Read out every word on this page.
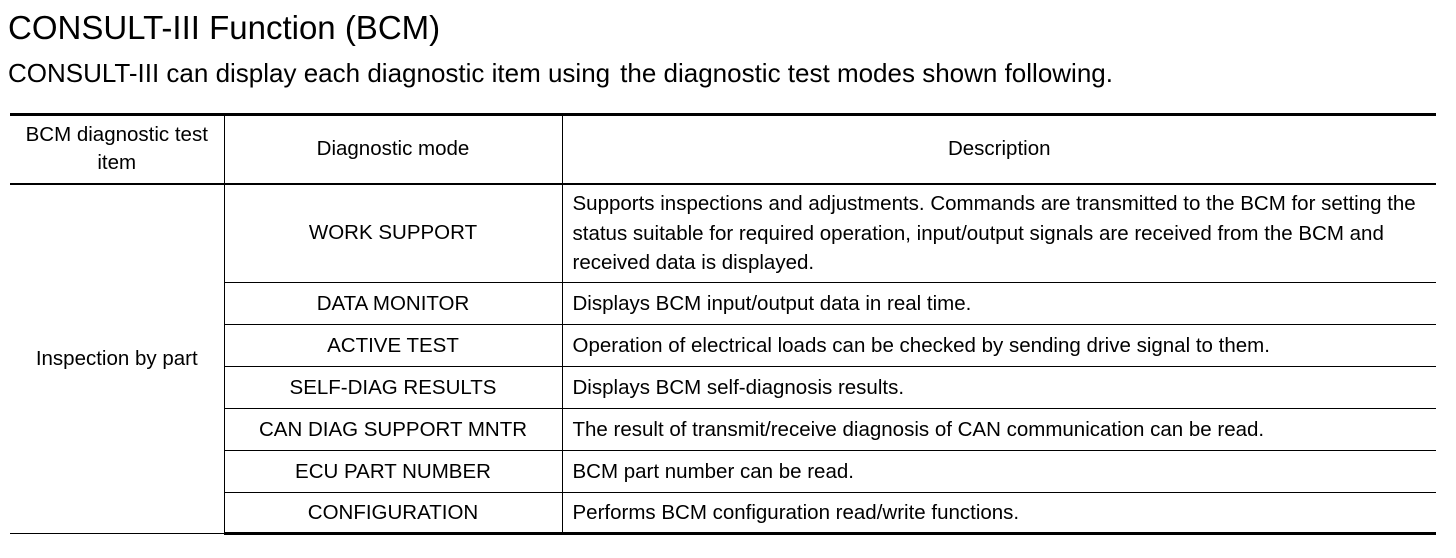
CONSULT-III Function (BCM)
CONSULT-III can display each diagnostic item using the diagnostic test modes shown following.
BCM diagnostic test item	Diagnostic mode	Description
Inspection by part	WORK SUPPORT	Supports inspections and adjustments. Commands are transmitted to the BCM for setting the status suitable for required operation, input/output signals are received from the BCM and received data is displayed.
	DATA MONITOR	Displays BCM input/output data in real time.
	ACTIVE TEST	Operation of electrical loads can be checked by sending drive signal to them.
	SELF-DIAG RESULTS	Displays BCM self-diagnosis results.
	CAN DIAG SUPPORT MNTR	The result of transmit/receive diagnosis of CAN communication can be read.
	ECU PART NUMBER	BCM part number can be read.
	CONFIGURATION	Performs BCM configuration read/write functions.
